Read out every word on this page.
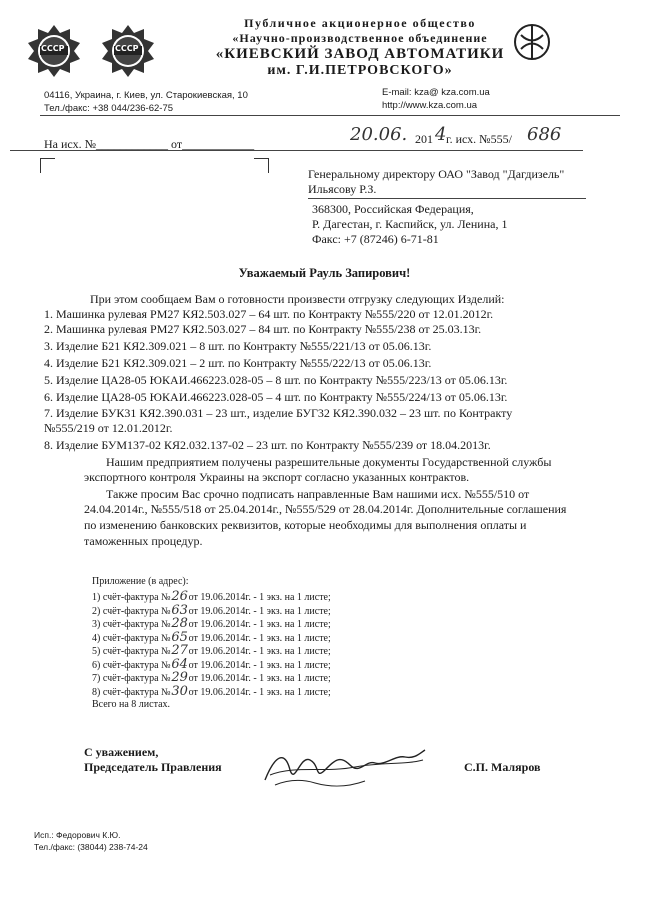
СССР	СССР
Публичное акционерное общество
«Научно-производственное объединение
«КИЕВСКИЙ ЗАВОД АВТОМАТИКИ
им. Г.И.ПЕТРОВСКОГО»
04116, Украина, г. Киев, ул. Старокиевская, 10
Тел./факс: +38 044/236-62-75
E-mail: kza@ kza.com.ua
http://www.kza.com.ua
На исх. №____________ от____________	20.06. 201 4 г. исх. №555/ 686
Генеральному директору ОАО "Завод "Дагдизель"
Ильясову Р.З.
368300, Российская Федерация,
Р. Дагестан, г. Каспийск, ул. Ленина, 1
Факс: +7 (87246) 6-71-81
Уважаемый Рауль Запирович!
При этом сообщаем Вам о готовности произвести отгрузку следующих Изделий:
1. Машинка рулевая РМ27 КЯ2.503.027 – 64 шт. по Контракту №555/220 от 12.01.2012г.
2. Машинка рулевая РМ27 КЯ2.503.027 – 84 шт. по Контракту №555/238 от 25.03.13г.
3. Изделие Б21 КЯ2.309.021 – 8 шт. по Контракту №555/221/13 от 05.06.13г.
4. Изделие Б21 КЯ2.309.021 – 2 шт. по Контракту №555/222/13 от 05.06.13г.
5. Изделие ЦА28-05 ЮКАИ.466223.028-05 – 8 шт. по Контракту №555/223/13 от 05.06.13г.
6. Изделие ЦА28-05 ЮКАИ.466223.028-05 – 4 шт. по Контракту №555/224/13 от 05.06.13г.
7. Изделие БУК31 КЯ2.390.031 – 23 шт., изделие БУГ32 КЯ2.390.032 – 23 шт. по Контракту
№555/219 от 12.01.2012г.
8. Изделие БУМ137-02 КЯ2.032.137-02 – 23 шт. по Контракту №555/239 от 18.04.2013г.
Нашим предприятием получены разрешительные документы Государственной службы
экспортного контроля Украины на экспорт согласно указанных контрактов.
Также просим Вас срочно подписать направленные Вам нашими исх. №555/510 от
24.04.2014г., №555/518 от 25.04.2014г., №555/529 от 28.04.2014г. Дополнительные соглашения
по изменению банковских реквизитов, которые необходимы для выполнения оплаты и
таможенных процедур.
Приложение (в адрес):
1) счёт-фактура №26от 19.06.2014г. - 1 экз. на 1 листе;
2) счёт-фактура №63от 19.06.2014г. - 1 экз. на 1 листе;
3) счёт-фактура №28от 19.06.2014г. - 1 экз. на 1 листе;
4) счёт-фактура №65от 19.06.2014г. - 1 экз. на 1 листе;
5) счёт-фактура №27от 19.06.2014г. - 1 экз. на 1 листе;
6) счёт-фактура №64от 19.06.2014г. - 1 экз. на 1 листе;
7) счёт-фактура №29от 19.06.2014г. - 1 экз. на 1 листе;
8) счёт-фактура №30от 19.06.2014г. - 1 экз. на 1 листе;
Всего на 8 листах.
С уважением,
Председатель Правления	С.П. Маляров
Исп.: Федорович К.Ю.
Тел./факс: (38044) 238-74-24
